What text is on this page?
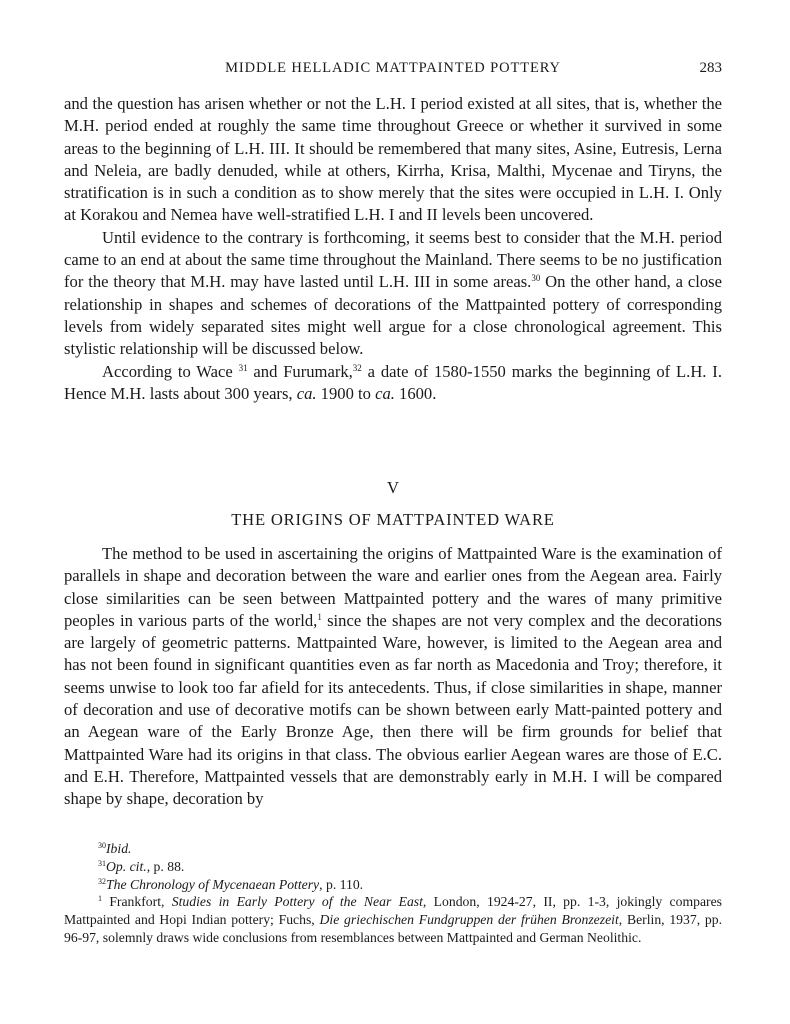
MIDDLE HELLADIC MATTPAINTED POTTERY	283

and the question has arisen whether or not the L.H. I period existed at all sites, that is, whether the M.H. period ended at roughly the same time throughout Greece or whether it survived in some areas to the beginning of L.H. III. It should be remembered that many sites, Asine, Eutresis, Lerna and Neleia, are badly denuded, while at others, Kirrha, Krisa, Malthi, Mycenae and Tiryns, the stratification is in such a condition as to show merely that the sites were occupied in L.H. I. Only at Korakou and Nemea have well-stratified L.H. I and II levels been uncovered.

Until evidence to the contrary is forthcoming, it seems best to consider that the M.H. period came to an end at about the same time throughout the Mainland. There seems to be no justification for the theory that M.H. may have lasted until L.H. III in some areas.$^{30}$ On the other hand, a close relationship in shapes and schemes of decorations of the Mattpainted pottery of corresponding levels from widely separated sites might well argue for a close chronological agreement. This stylistic relationship will be discussed below.

According to Wace $^{31}$ and Furumark,$^{32}$ a date of 1580-1550 marks the beginning of L.H. I. Hence M.H. lasts about 300 years, ca. 1900 to ca. 1600.

V
THE ORIGINS OF MATTPAINTED WARE

The method to be used in ascertaining the origins of Mattpainted Ware is the examination of parallels in shape and decoration between the ware and earlier ones from the Aegean area. Fairly close similarities can be seen between Mattpainted pottery and the wares of many primitive peoples in various parts of the world,$^1$ since the shapes are not very complex and the decorations are largely of geometric patterns. Mattpainted Ware, however, is limited to the Aegean area and has not been found in significant quantities even as far north as Macedonia and Troy; therefore, it seems unwise to look too far afield for its antecedents. Thus, if close similarities in shape, manner of decoration and use of decorative motifs can be shown between early Matt-painted pottery and an Aegean ware of the Early Bronze Age, then there will be firm grounds for belief that Mattpainted Ware had its origins in that class. The obvious earlier Aegean wares are those of E.C. and E.H. Therefore, Mattpainted vessels that are demonstrably early in M.H. I will be compared shape by shape, decoration by

$^{30}$Ibid.

$^{31}$Op. cit., p. 88.

$^{32}$The Chronology of Mycenaean Pottery, p. 110.

$^1$ Frankfort, Studies in Early Pottery of the Near East, London, 1924-27, II, pp. 1-3, jokingly compares Mattpainted and Hopi Indian pottery; Fuchs, Die griechischen Fundgruppen der frühen Bronzezeit, Berlin, 1937, pp. 96-97, solemnly draws wide conclusions from resemblances between Mattpainted and German Neolithic.
